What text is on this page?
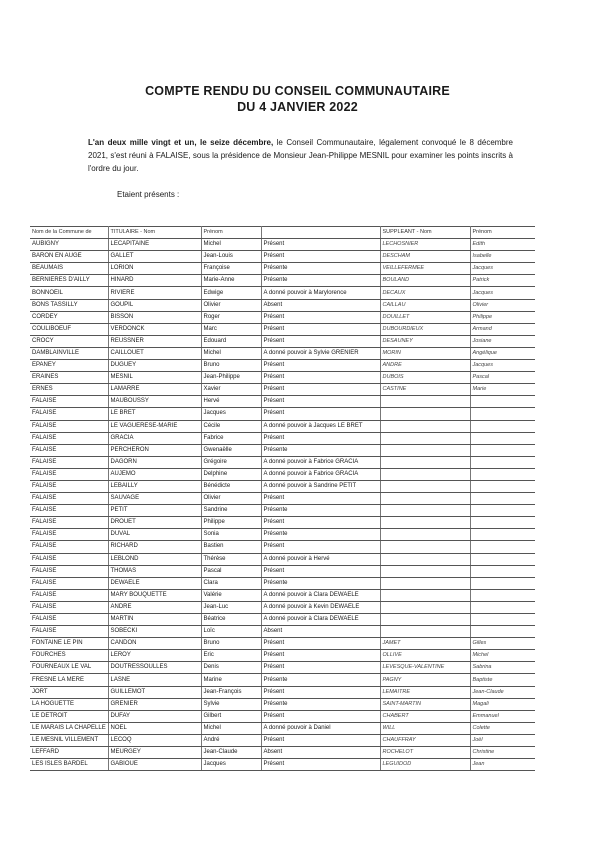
COMPTE RENDU DU CONSEIL COMMUNAUTAIRE
DU 4 JANVIER 2022
L'an deux mille vingt et un, le seize décembre, le Conseil Communautaire, légalement convoqué le 8 décembre 2021, s'est réuni à FALAISE, sous la présidence de Monsieur Jean-Philippe MESNIL pour examiner les points inscrits à l'ordre du jour.
Etaient présents :
Nom de la Commune de	TITULAIRE - Nom	Prénom		SUPPLEANT - Nom	Prénom
AUBIGNY	LECAPITAINE	Michel	Présent	LECHOSNIER	Edith
BARON EN AUGE	GALLET	Jean-Louis	Présent	DESCHAM	Isabelle
BEAUMAIS	LORION	Françoise	Présente	VEILLEFERMEE	Jacques
BERNIERES D'AILLY	HINARD	Marie-Anne	Présente	BOULAND	Patrick
BONNOEIL	RIVIERE	Edwige	A donné pouvoir à Marylorence	DECAUX	Jacques
BONS TASSILLY	GOUPIL	Olivier	Absent	CAILLAU	Olivier
CORDEY	BISSON	Roger	Présent	DOUILLET	Philippe
COULIBOEUF	VERDONCK	Marc	Présent	DUBOURDIEUX	Armand
CROCY	REUSSNER	Edouard	Présent	DESAUNEY	Josiane
DAMBLAINVILLE	CAILLOUET	Michel	A donné pouvoir à Sylvie GRENIER	MORIN	Angélique
EPANEY	DUGUEY	Bruno	Présent	ANDRE	Jacques
ERAINES	MESNIL	Jean-Philippe	Présent	DUBOIS	Pascal
ERNES	LAMARRE	Xavier	Présent	CASTINE	Marie
FALAISE	MAUBOUSSY	Hervé	Présent		
FALAISE	LE BRET	Jacques	Présent		
FALAISE	LE VAGUERESE-MARIE	Cécile	A donné pouvoir à Jacques LE BRET		
FALAISE	GRACIA	Fabrice	Présent		
FALAISE	PERCHERON	Gwenaëlle	Présente		
FALAISE	DAGORN	Grégoire	A donné pouvoir à Fabrice GRACIA		
FALAISE	AUJEMO	Delphine	A donné pouvoir à Fabrice GRACIA		
FALAISE	LEBAILLY	Bénédicte	A donné pouvoir à Sandrine PETIT		
FALAISE	SAUVAGE	Olivier	Présent		
FALAISE	PETIT	Sandrine	Présente		
FALAISE	DROUET	Philippe	Présent		
FALAISE	DUVAL	Sonia	Présente		
FALAISE	RICHARD	Bastien	Présent		
FALAISE	LEBLOND	Thérèse	A donné pouvoir à Hervé		
FALAISE	THOMAS	Pascal	Présent		
FALAISE	DEWAELE	Clara	Présente		
FALAISE	MARY BOUQUETTE	Valérie	A donné pouvoir à Clara DEWAELE		
FALAISE	ANDRE	Jean-Luc	A donné pouvoir à Kevin DEWAELE		
FALAISE	MARTIN	Béatrice	A donné pouvoir à Clara DEWAELE		
FALAISE	SOBECKI	Loïc	Absent		
FONTAINE LE PIN	CANDON	Bruno	Présent	JAMET	Gilles
FOURCHES	LEROY	Eric	Présent	OLLIVE	Michel
FOURNEAUX LE VAL	DOUTRESSOULLES	Denis	Présent	LEVESQUE-VALENTINE	Sabrina
FRESNE LA MERE	LASNE	Marine	Présente	PAGNY	Baptiste
JORT	GUILLEMOT	Jean-François	Présent	LEMAITRE	Jean-Claude
LA HOGUETTE	GRENIER	Sylvie	Présente	SAINT-MARTIN	Magali
LE DETROIT	DUFAY	Gilbert	Présent	CHABERT	Emmanuel
LE MARAIS LA CHAPELLE	NOEL	Michel	A donné pouvoir à Daniel	WILL	Colette
LE MESNIL VILLEMENT	LECOQ	André	Présent	CHAUFFRAY	Joël
LEFFARD	MEURGEY	Jean-Claude	Absent	ROCHELOT	Christine
LES ISLES BARDEL	GABIOUE	Jacques	Présent	LEGUIDOD	Jean
